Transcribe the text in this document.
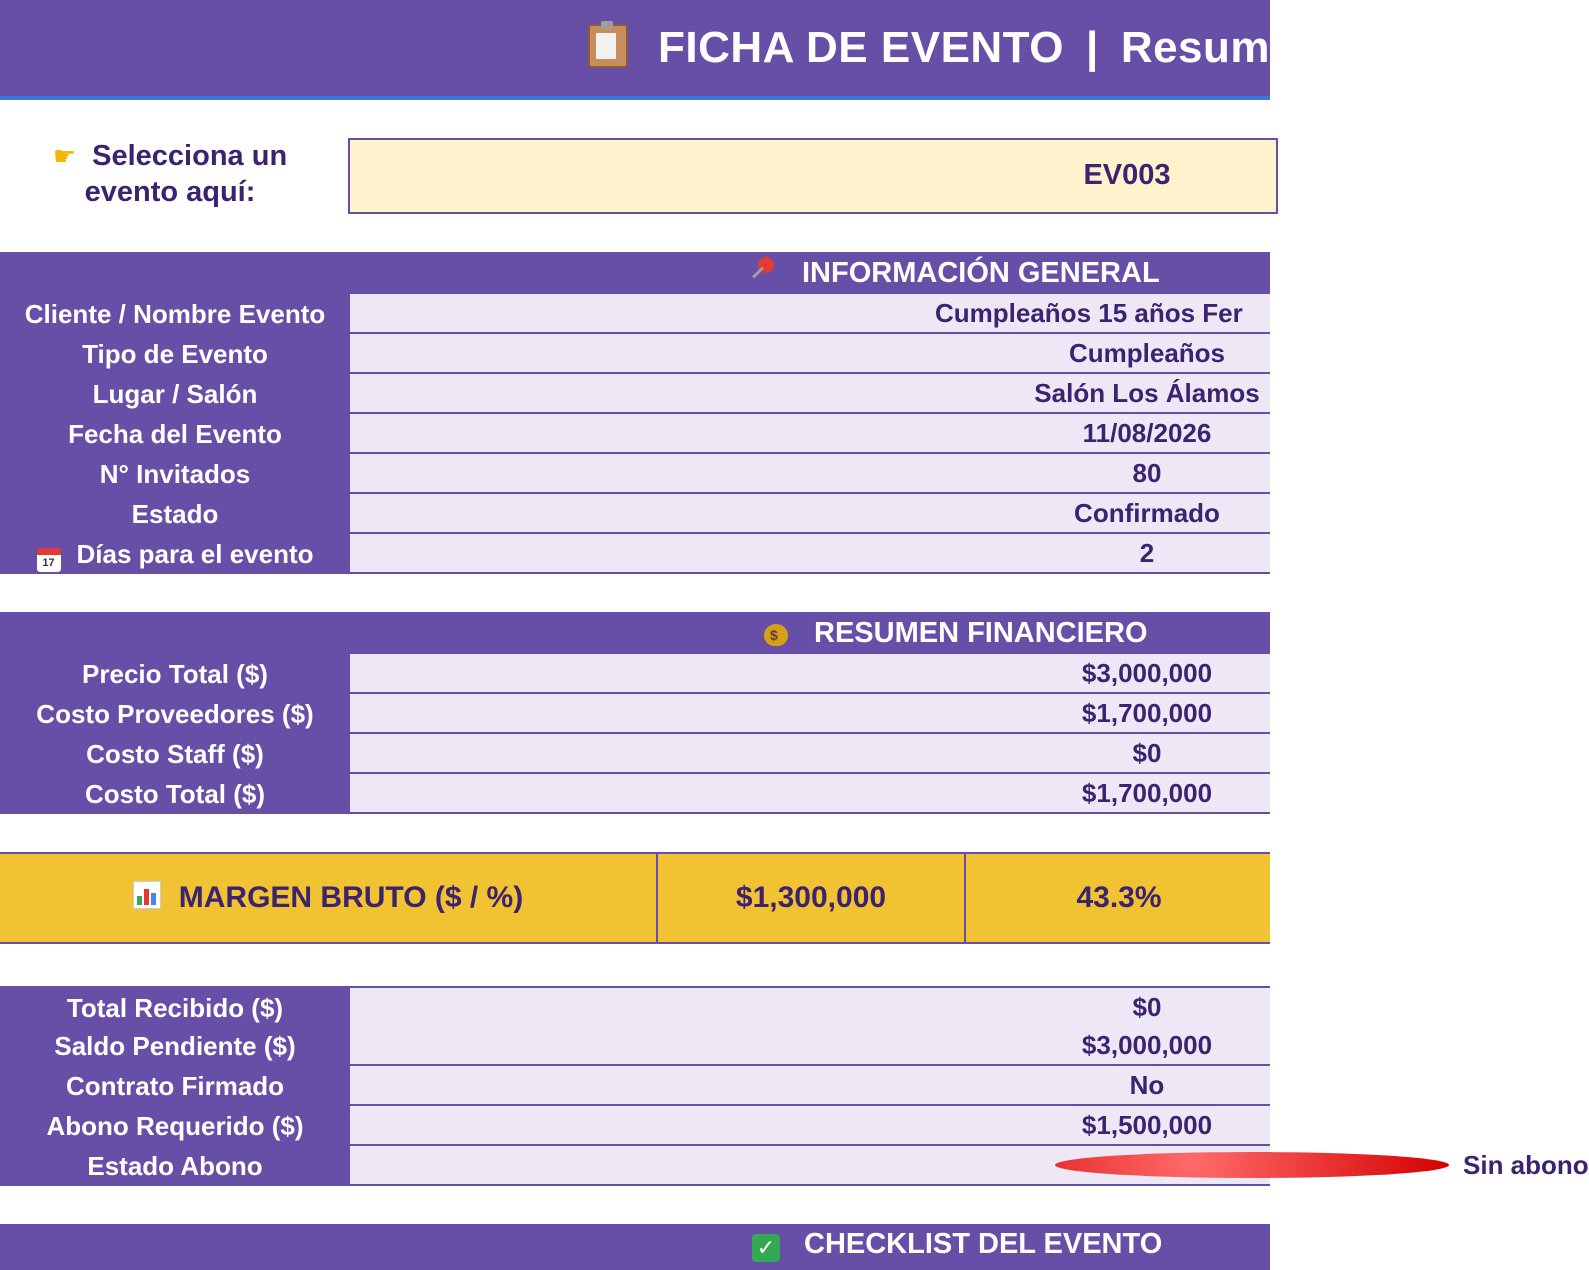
FICHA DE EVENTO | Resum
☛ Selecciona un
evento aquí:
EV003
INFORMACIÓN GENERAL
Cliente / Nombre Evento	Cumpleaños 15 años Fer
Tipo de Evento	Cumpleaños
Lugar / Salón	Salón Los Álamos
Fecha del Evento	11/08/2026
N° Invitados	80
Estado	Confirmado
17 Días para el evento	2
$RESUMEN FINANCIERO
Precio Total ($)	$3,000,000
Costo Proveedores ($)	$1,700,000
Costo Staff ($)	$0
Costo Total ($)	$1,700,000
MARGEN BRUTO ($ / %)	$1,300,000	43.3%
Total Recibido ($)	$0
Saldo Pendiente ($)	$3,000,000
Contrato Firmado	No
Abono Requerido ($)	$1,500,000
Estado Abono	Sin abono
✓ CHECKLIST DEL EVENTO
